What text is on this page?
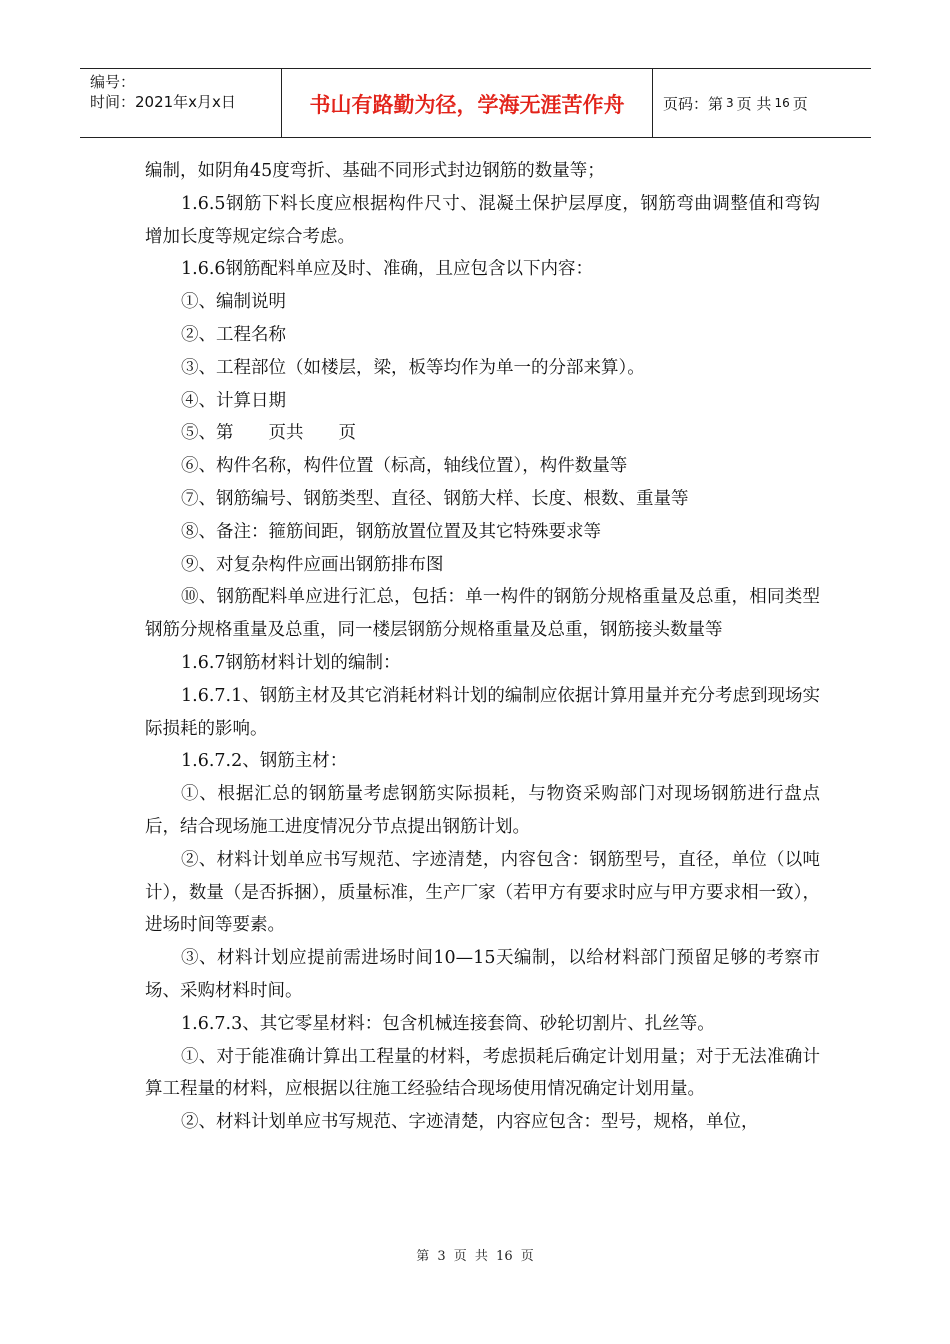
编号：
时间：2021年x月x日	书山有路勤为径，学海无涯苦作舟	页码：第 3 页 共 16 页

编制，如阴角45度弯折、基础不同形式封边钢筋的数量等；

1.6.5钢筋下料长度应根据构件尺寸、混凝土保护层厚度，钢筋弯曲调整值和弯钩增加长度等规定综合考虑。

1.6.6钢筋配料单应及时、准确，且应包含以下内容：

①、编制说明

②、工程名称

③、工程部位（如楼层，梁，板等均作为单一的分部来算）。

④、计算日期

⑤、第　　页共　　页

⑥、构件名称，构件位置（标高，轴线位置），构件数量等

⑦、钢筋编号、钢筋类型、直径、钢筋大样、长度、根数、重量等

⑧、备注：箍筋间距，钢筋放置位置及其它特殊要求等

⑨、对复杂构件应画出钢筋排布图

⑩、钢筋配料单应进行汇总，包括：单一构件的钢筋分规格重量及总重，相同类型钢筋分规格重量及总重，同一楼层钢筋分规格重量及总重，钢筋接头数量等

1.6.7钢筋材料计划的编制：

1.6.7.1、钢筋主材及其它消耗材料计划的编制应依据计算用量并充分考虑到现场实际损耗的影响。

1.6.7.2、钢筋主材：

①、根据汇总的钢筋量考虑钢筋实际损耗，与物资采购部门对现场钢筋进行盘点后，结合现场施工进度情况分节点提出钢筋计划。

②、材料计划单应书写规范、字迹清楚，内容包含：钢筋型号，直径，单位（以吨计），数量（是否拆捆），质量标准，生产厂家（若甲方有要求时应与甲方要求相一致），进场时间等要素。

③、材料计划应提前需进场时间10—15天编制，以给材料部门预留足够的考察市场、采购材料时间。

1.6.7.3、其它零星材料：包含机械连接套筒、砂轮切割片、扎丝等。

①、对于能准确计算出工程量的材料，考虑损耗后确定计划用量；对于无法准确计算工程量的材料，应根据以往施工经验结合现场使用情况确定计划用量。

②、材料计划单应书写规范、字迹清楚，内容应包含：型号，规格，单位，

第 3 页 共 16 页
